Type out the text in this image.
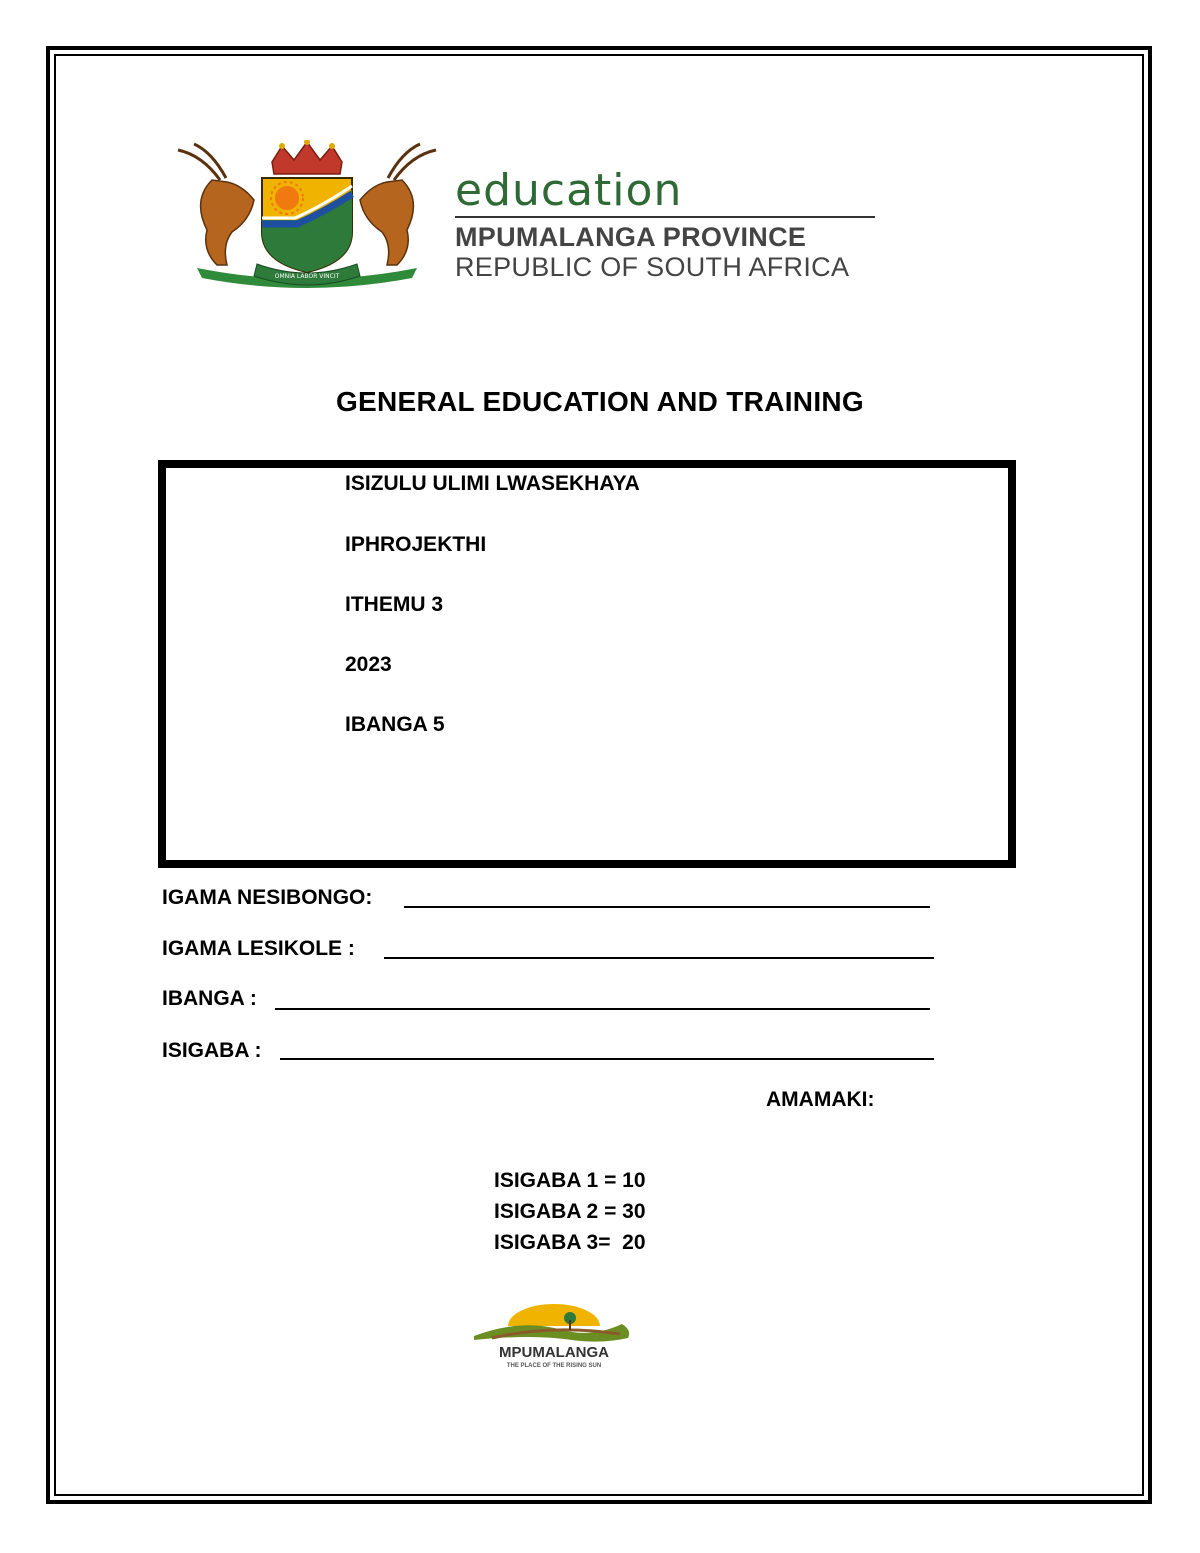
OMNIA LABOR VINCIT
education
MPUMALANGA PROVINCE
REPUBLIC OF SOUTH AFRICA
GENERAL EDUCATION AND TRAINING
ISIZULU ULIMI LWASEKHAYA
IPHROJEKTHI
ITHEMU 3
2023
IBANGA 5
IGAMA NESIBONGO:
IGAMA LESIKOLE :
IBANGA :
ISIGABA :
AMAMAKI:
ISIGABA 1 = 10
ISIGABA 2 = 30
ISIGABA 3=  20
MPUMALANGA
THE PLACE OF THE RISING SUN
